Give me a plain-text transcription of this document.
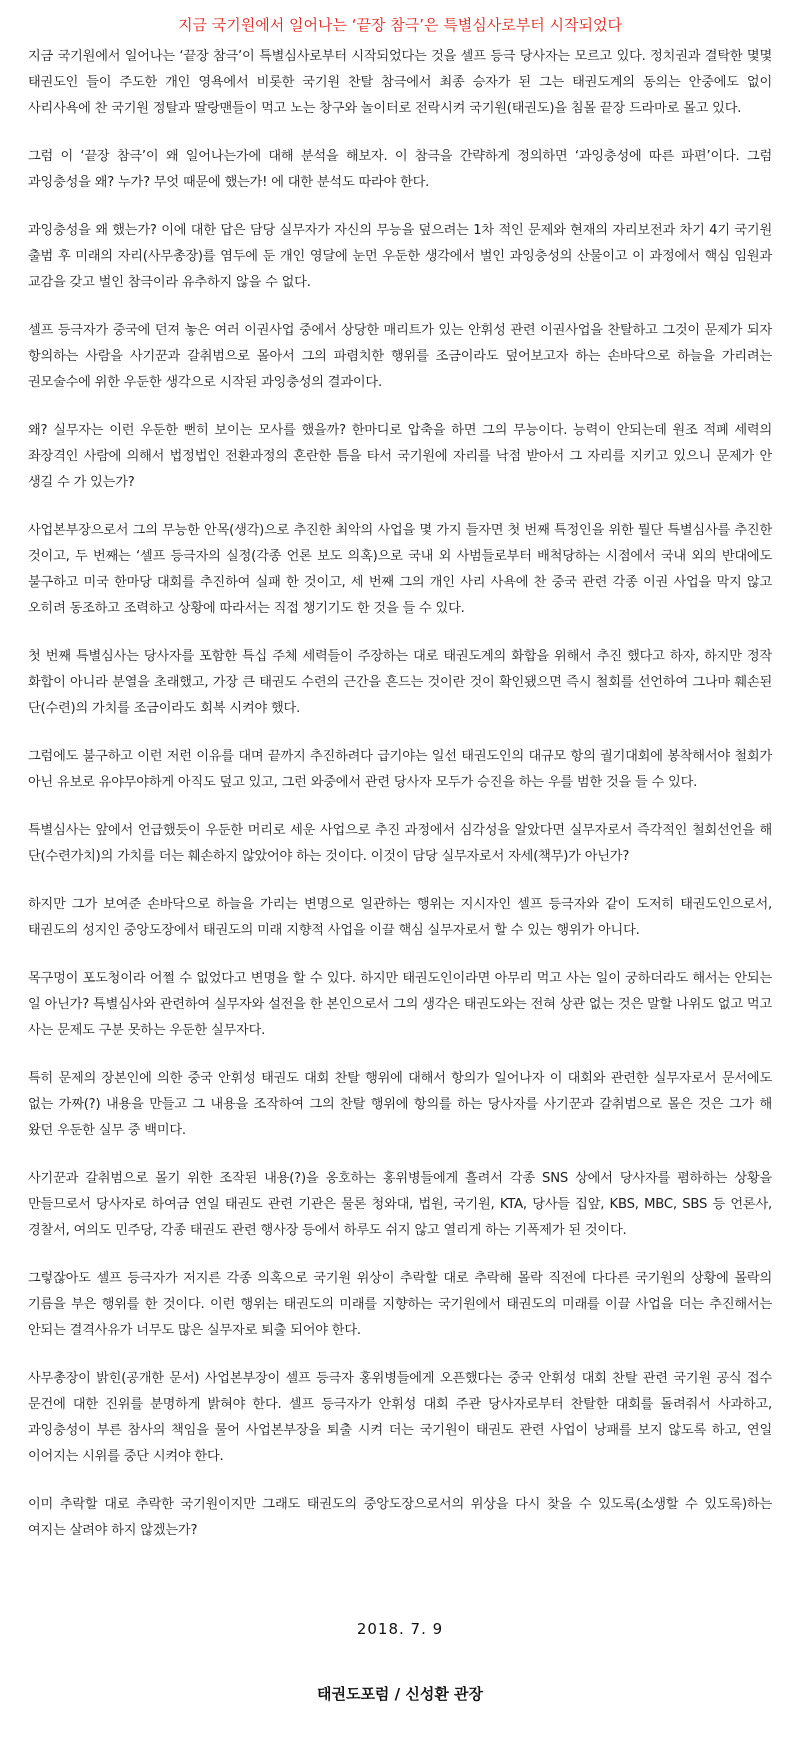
지금 국기원에서 일어나는 ‘끝장 참극’은 특별심사로부터 시작되었다

지금 국기원에서 일어나는 ‘끝장 참극’이 특별심사로부터 시작되었다는 것을 셀프 등극 당사자는 모르고 있다. 정치권과 결탁한 몇몇 태권도인 들이 주도한 개인 영욕에서 비롯한 국기원 찬탈 참극에서 최종 승자가 된 그는 태권도계의 동의는 안중에도 없이 사리사욕에 찬 국기원 정탈과 딸랑맨들이 먹고 노는 창구와 놀이터로 전락시켜 국기원(태권도)을 침몰 끝장 드라마로 몰고 있다.

그럼 이 ‘끝장 참극’이 왜 일어나는가에 대해 분석을 해보자. 이 참극을 간략하게 정의하면 ‘과잉충성에 따른 파편’이다. 그럼 과잉충성을 왜? 누가? 무엇 때문에 했는가! 에 대한 분석도 따라야 한다.

과잉충성을 왜 했는가? 이에 대한 답은 담당 실무자가 자신의 무능을 덮으려는 1차 적인 문제와 현재의 자리보전과 차기 4기 국기원 출범 후 미래의 자리(사무총장)를 염두에 둔 개인 영달에 눈먼 우둔한 생각에서 벌인 과잉충성의 산물이고 이 과정에서 핵심 임원과 교감을 갖고 벌인 참극이라 유추하지 않을 수 없다.

셀프 등극자가 중국에 던져 놓은 여러 이권사업 중에서 상당한 매리트가 있는 안휘성 관련 이권사업을 찬탈하고 그것이 문제가 되자 항의하는 사람을 사기꾼과 갈취범으로 몰아서 그의 파렴치한 행위를 조금이라도 덮어보고자 하는 손바닥으로 하늘을 가리려는 권모술수에 위한 우둔한 생각으로 시작된 과잉충성의 결과이다.

왜? 실무자는 이런 우둔한 뻔히 보이는 모사를 했을까? 한마디로 압축을 하면 그의 무능이다. 능력이 안되는데 원조 적폐 세력의 좌장격인 사람에 의해서 법정법인 전환과정의 혼란한 틈을 타서 국기원에 자리를 낙점 받아서 그 자리를 지키고 있으니 문제가 안 생길 수 가 있는가?

사업본부장으로서 그의 무능한 안목(생각)으로 추진한 최악의 사업을 몇 가지 들자면 첫 번째 특정인을 위한 뭘단 특별심사를 추진한 것이고, 두 번째는 ‘셀프 등극자의 실정(각종 언론 보도 의혹)으로 국내 외 사범들로부터 배척당하는 시점에서 국내 외의 반대에도 불구하고 미국 한마당 대회를 추진하여 실패 한 것이고, 세 번째 그의 개인 사리 사욕에 찬 중국 관련 각종 이권 사업을 막지 않고 오히려 동조하고 조력하고 상황에 따라서는 직접 챙기기도 한 것을 들 수 있다.

첫 번째 특별심사는 당사자를 포함한 특십 주체 세력들이 주장하는 대로 태권도계의 화합을 위해서 추진 했다고 하자, 하지만 정작 화합이 아니라 분열을 초래했고, 가장 큰 태권도 수련의 근간을 흔드는 것이란 것이 확인됐으면 즉시 철회를 선언하여 그나마 훼손된 단(수련)의 가치를 조금이라도 회복 시켜야 했다.

그럼에도 불구하고 이런 저런 이유를 대며 끝까지 추진하려다 급기야는 일선 태권도인의 대규모 항의 궐기대회에 봉착해서야 철회가 아닌 유보로 유야무야하게 아직도 덮고 있고, 그런 와중에서 관련 당사자 모두가 승진을 하는 우를 범한 것을 들 수 있다.

특별심사는 앞에서 언급했듯이 우둔한 머리로 세운 사업으로 추진 과정에서 심각성을 알았다면 실무자로서 즉각적인 철회선언을 해 단(수련가치)의 가치를 더는 훼손하지 않았어야 하는 것이다. 이것이 담당 실무자로서 자세(책무)가 아닌가?

하지만 그가 보여준 손바닥으로 하늘을 가리는 변명으로 일관하는 행위는 지시자인 셀프 등극자와 같이 도저히 태권도인으로서, 태권도의 성지인 중앙도장에서 태권도의 미래 지향적 사업을 이끌 핵심 실무자로서 할 수 있는 행위가 아니다.

목구멍이 포도청이라 어쩔 수 없었다고 변명을 할 수 있다. 하지만 태권도인이라면 아무리 먹고 사는 일이 궁하더라도 해서는 안되는 일 아닌가? 특별심사와 관련하여 실무자와 설전을 한 본인으로서 그의 생각은 태권도와는 전혀 상관 없는 것은 말할 나위도 없고 먹고 사는 문제도 구분 못하는 우둔한 실무자다.

특히 문제의 장본인에 의한 중국 안휘성 태권도 대회 찬탈 행위에 대해서 항의가 일어나자 이 대회와 관련한 실무자로서 문서에도 없는 가짜(?) 내용을 만들고 그 내용을 조작하여 그의 찬탈 행위에 항의를 하는 당사자를 사기꾼과 갈취범으로 몰은 것은 그가 해 왔던 우둔한 실무 중 백미다.

사기꾼과 갈취범으로 몰기 위한 조작된 내용(?)을 옹호하는 홍위병들에게 흘려서 각종 SNS 상에서 당사자를 폄하하는 상황을 만들므로서 당사자로 하여금 연일 태권도 관련 기관은 물론 청와대, 법원, 국기원, KTA, 당사들 집앞, KBS, MBC, SBS 등 언론사, 경찰서, 여의도 민주당, 각종 태권도 관련 행사장 등에서 하루도 쉬지 않고 열리게 하는 기폭제가 된 것이다.

그렇잖아도 셀프 등극자가 저지른 각종 의혹으로 국기원 위상이 추락할 대로 추락해 몰락 직전에 다다른 국기원의 상황에 몰락의 기름을 부은 행위를 한 것이다. 이런 행위는 태권도의 미래를 지향하는 국기원에서 태권도의 미래를 이끌 사업을 더는 추진해서는 안되는 결격사유가 너무도 많은 실무자로 퇴출 되어야 한다.

사무총장이 밝힌(공개한 문서) 사업본부장이 셀프 등극자 홍위병들에게 오픈했다는 중국 안휘성 대회 찬탈 관련 국기원 공식 접수 문건에 대한 진위를 분명하게 밝혀야 한다. 셀프 등극자가 안휘성 대회 주관 당사자로부터 찬탈한 대회를 돌려줘서 사과하고, 과잉충성이 부른 참사의 책임을 물어 사업본부장을 퇴출 시켜 더는 국기원이 태권도 관련 사업이 낭패를 보지 않도록 하고, 연일 이어지는 시위를 중단 시켜야 한다.

이미 추락할 대로 추락한 국기원이지만 그래도 태권도의 중앙도장으로서의 위상을 다시 찾을 수 있도록(소생할 수 있도록)하는 여지는 살려야 하지 않겠는가?

2018. 7. 9
태권도포럼 / 신성환 관장
